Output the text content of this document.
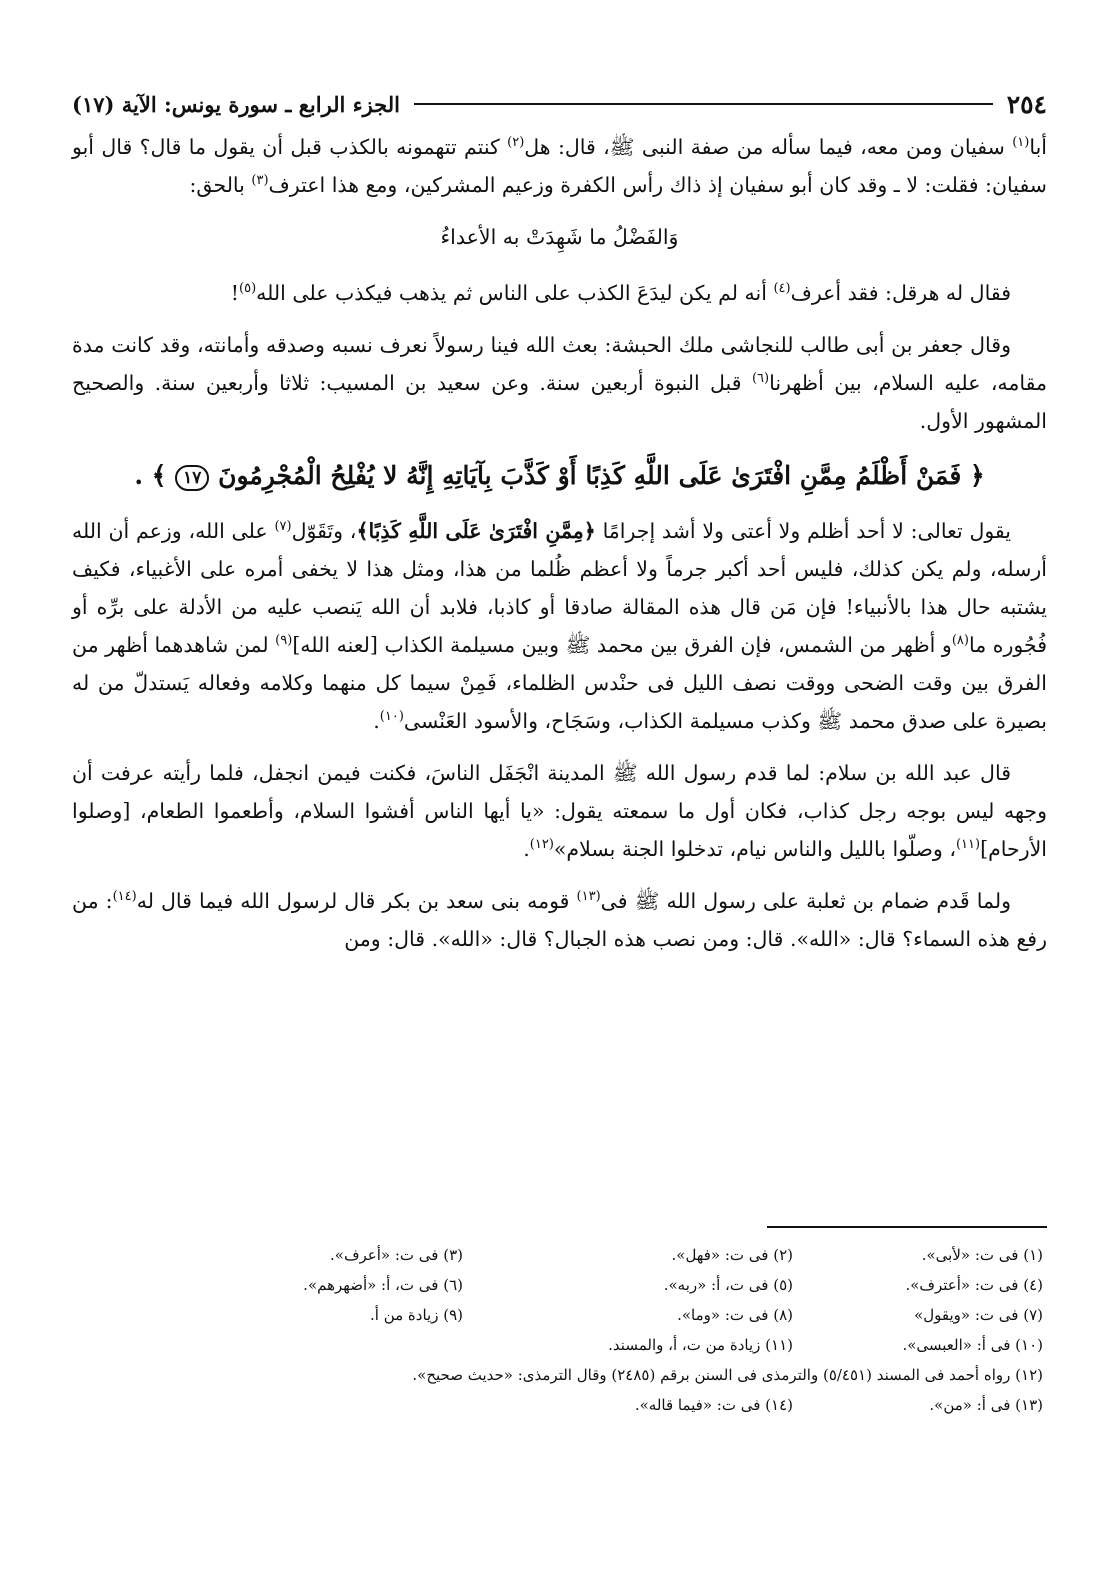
٢٥٤
الجزء الرابع ـ سورة يونس: الآية (١٧)

أبا$^{(١)}$ سفيان ومن معه، فيما سأله من صفة النبى ﷺ، قال: هل$^{(٢)}$ كنتم تتهمونه بالكذب قبل أن يقول ما قال؟ قال أبو سفيان: فقلت: لا ـ وقد كان أبو سفيان إذ ذاك رأس الكفرة وزعيم المشركين، ومع هذا اعترف$^{(٣)}$ بالحق:

وَالفَضْلُ ما شَهِدَتْ به الأعداءُ

فقال له هرقل: فقد أعرف$^{(٤)}$ أنه لم يكن ليدَعَ الكذب على الناس ثم يذهب فيكذب على الله$^{(٥)}$!

وقال جعفر بن أبى طالب للنجاشى ملك الحبشة: بعث الله فينا رسولاً نعرف نسبه وصدقه وأمانته، وقد كانت مدة مقامه، عليه السلام، بين أظهرنا$^{(٦)}$ قبل النبوة أربعين سنة. وعن سعيد بن المسيب: ثلاثا وأربعين سنة. والصحيح المشهور الأول.

﴿ فَمَنْ أَظْلَمُ مِمَّنِ افْتَرَىٰ عَلَى اللَّهِ كَذِبًا أَوْ كَذَّبَ بِآيَاتِهِ إِنَّهُ لا يُفْلِحُ الْمُجْرِمُونَ ١٧ ﴾ .

يقول تعالى: لا أحد أظلم ولا أعتى ولا أشد إجرامًا ﴿مِمَّنِ افْتَرَىٰ عَلَى اللَّهِ كَذِبًا﴾، وتَقَوّل$^{(٧)}$ على الله، وزعم أن الله أرسله، ولم يكن كذلك، فليس أحد أكبر جرماً ولا أعظم ظُلما من هذا، ومثل هذا لا يخفى أمره على الأغبياء، فكيف يشتبه حال هذا بالأنبياء! فإن مَن قال هذه المقالة صادقا أو كاذبا، فلابد أن الله يَنصب عليه من الأدلة على برِّه أو فُجُوره ما$^{(٨)}$و أظهر من الشمس، فإن الفرق بين محمد ﷺ وبين مسيلمة الكذاب [لعنه الله]$^{(٩)}$ لمن شاهدهما أظهر من الفرق بين وقت الضحى ووقت نصف الليل فى حنْدس الظلماء، فَمِنْ سيما كل منهما وكلامه وفعاله يَستدلّ من له بصيرة على صدق محمد ﷺ وكذب مسيلمة الكذاب، وسَجَاح، والأسود العَنْسى$^{(١٠)}$.

قال عبد الله بن سلام: لما قدم رسول الله ﷺ المدينة انْجَفَل الناسَ، فكنت فيمن انجفل، فلما رأيته عرفت أن وجهه ليس بوجه رجل كذاب، فكان أول ما سمعته يقول: «يا أيها الناس أفشوا السلام، وأطعموا الطعام، [وصلوا الأرحام]$^{(١١)}$، وصلّوا بالليل والناس نيام، تدخلوا الجنة بسلام»$^{(١٢)}$.

ولما قَدم ضمام بن ثعلبة على رسول الله ﷺ فى$^{(١٣)}$ قومه بنى سعد بن بكر قال لرسول الله فيما قال له$^{(١٤)}$: من رفع هذه السماء؟ قال: «الله». قال: ومن نصب هذه الجبال؟ قال: «الله». قال: ومن

(١) فى ت: «لأبى».
(٢) فى ت: «فهل».
(٣) فى ت: «أعرف».
(٤) فى ت: «أعترف».
(٥) فى ت، أ: «ربه».
(٦) فى ت، أ: «أضهرهم».
(٧) فى ت: «ويقول»
(٨) فى ت: «وما».
(٩) زيادة من أ.
(١٠) فى أ: «العبسى».
(١١) زيادة من ت، أ، والمسند.
(١٢) رواه أحمد فى المسند (٥/٤٥١) والترمذى فى السنن برقم (٢٤٨٥) وقال الترمذى: «حديث صحيح».
(١٣) فى أ: «من».
(١٤) فى ت: «فيما قاله».
